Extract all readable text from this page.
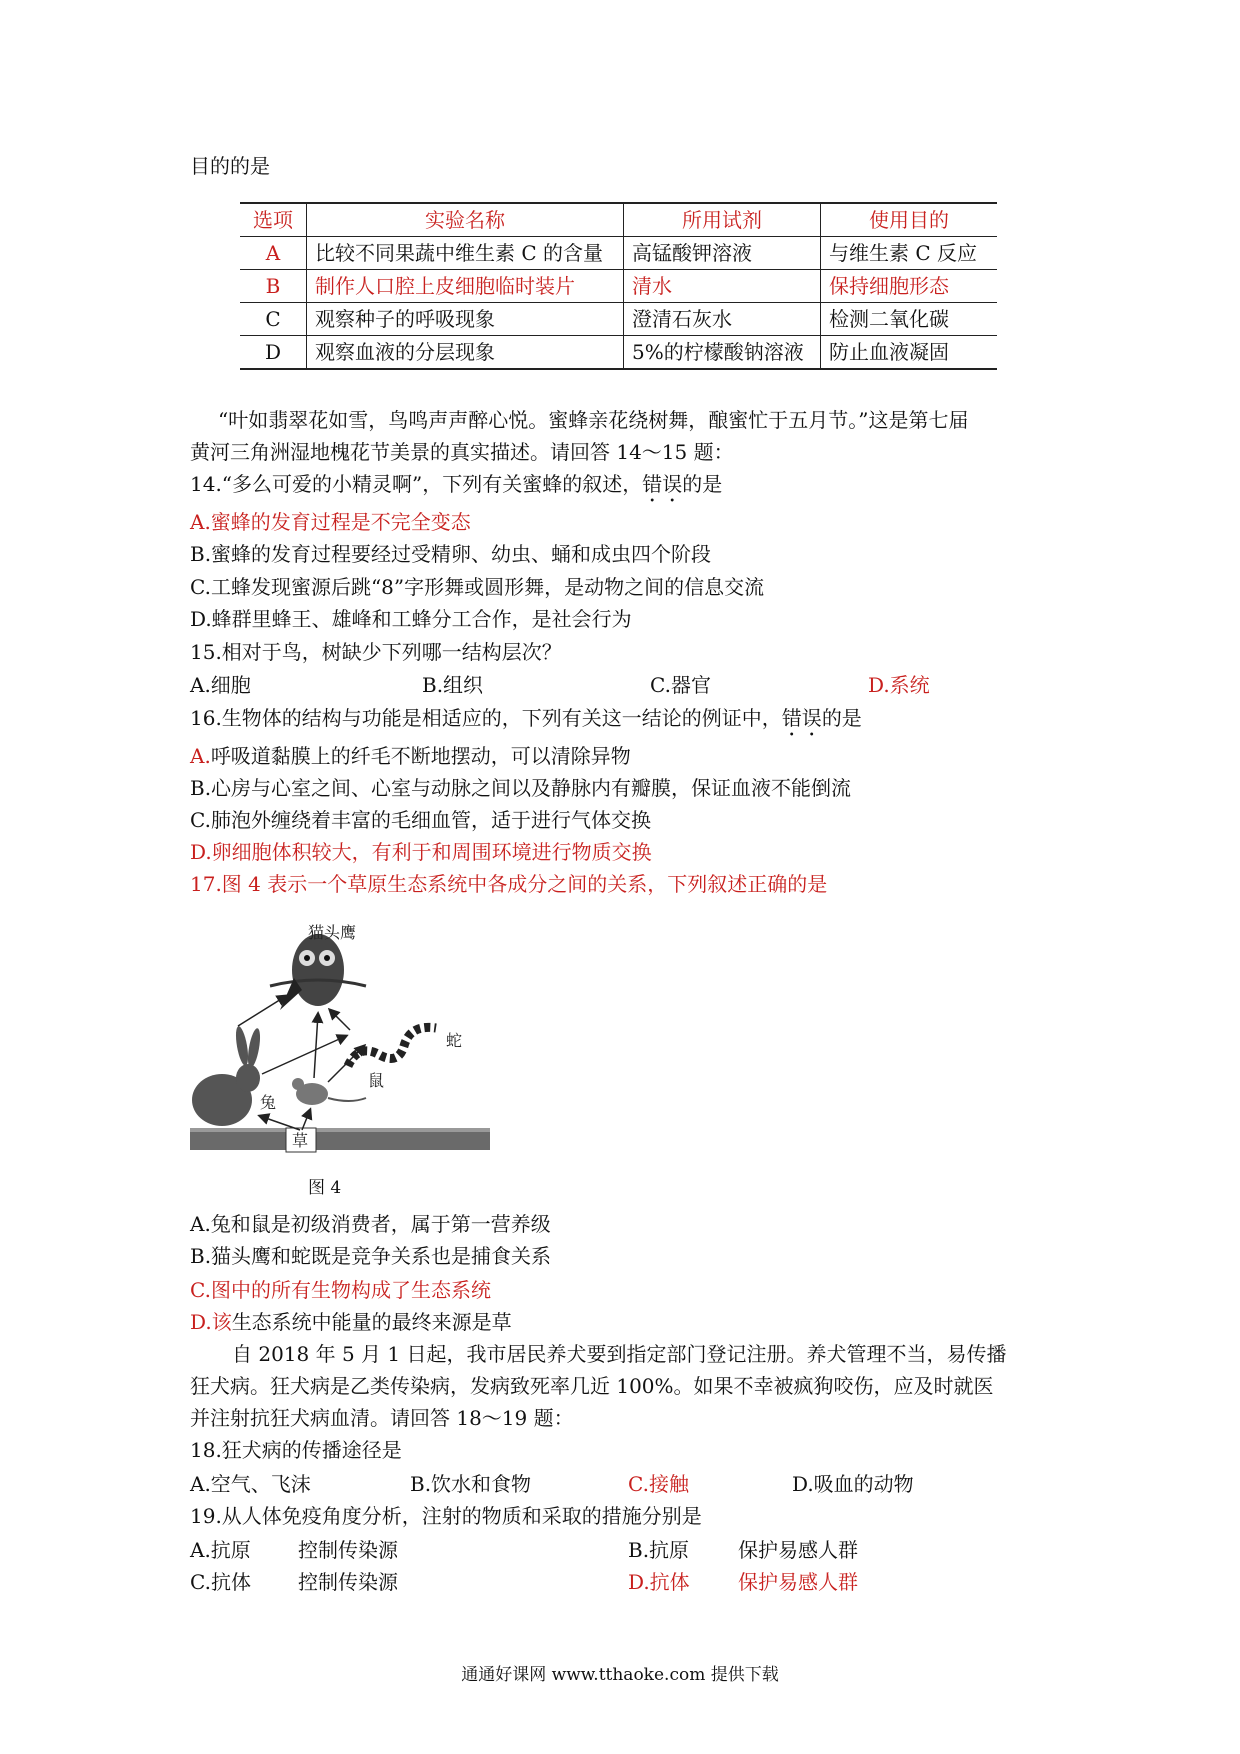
目的的是
选项	实验名称	所用试剂	使用目的
A	比较不同果蔬中维生素 C 的含量	高锰酸钾溶液	与维生素 C 反应
B	制作人口腔上皮细胞临时装片	清水	保持细胞形态
C	观察种子的呼吸现象	澄清石灰水	检测二氧化碳
D	观察血液的分层现象	5%的柠檬酸钠溶液	防止血液凝固
“叶如翡翠花如雪，鸟鸣声声醉心悦。蜜蜂亲花绕树舞，酿蜜忙于五月节。”这是第七届
黄河三角洲湿地槐花节美景的真实描述。请回答 14～15 题：
14.“多么可爱的小精灵啊”，下列有关蜜蜂的叙述，错误的是
A.蜜蜂的发育过程是不完全变态
B.蜜蜂的发育过程要经过受精卵、幼虫、蛹和成虫四个阶段
C.工蜂发现蜜源后跳“8”字形舞或圆形舞，是动物之间的信息交流
D.蜂群里蜂王、雄峰和工蜂分工合作，是社会行为
15.相对于鸟，树缺少下列哪一结构层次？
A.细胞	B.组织	C.器官	D.系统
16.生物体的结构与功能是相适应的，下列有关这一结论的例证中，错误的是
A.呼吸道黏膜上的纤毛不断地摆动，可以清除异物
B.心房与心室之间、心室与动脉之间以及静脉内有瓣膜，保证血液不能倒流
C.肺泡外缠绕着丰富的毛细血管，适于进行气体交换
D.卵细胞体积较大，有利于和周围环境进行物质交换
17.图 4 表示一个草原生态系统中各成分之间的关系，下列叙述正确的是
猫头鹰
蛇
兔
鼠
草
图 4
A.兔和鼠是初级消费者，属于第一营养级
B.猫头鹰和蛇既是竞争关系也是捕食关系
C.图中的所有生物构成了生态系统
D.该生态系统中能量的最终来源是草
自 2018 年 5 月 1 日起，我市居民养犬要到指定部门登记注册。养犬管理不当，易传播
狂犬病。狂犬病是乙类传染病，发病致死率几近 100%。如果不幸被疯狗咬伤，应及时就医
并注射抗狂犬病血清。请回答 18～19 题：
18.狂犬病的传播途径是
A.空气、飞沫	B.饮水和食物	C.接触	D.吸血的动物
19.从人体免疫角度分析，注射的物质和采取的措施分别是
A.抗原 控制传染源	B.抗原 保护易感人群
C.抗体 控制传染源	D.抗体 保护易感人群
通通好课网 www.tthaoke.com 提供下载
